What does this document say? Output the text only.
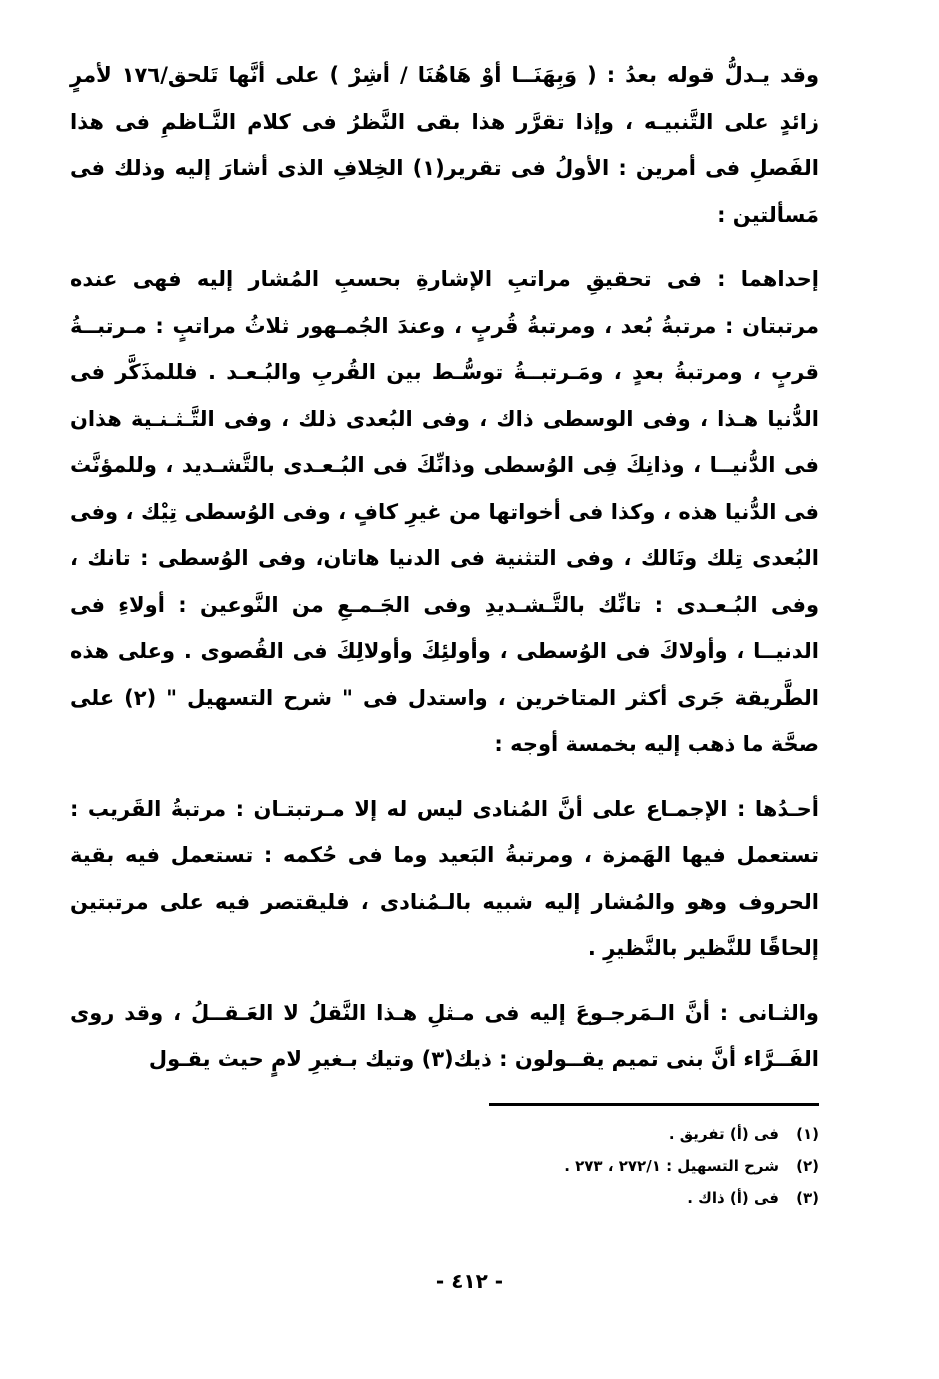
وقد يـدلُّ قوله بعدُ : ( وَبِهَنَــا أوْ هَاهُنَا / أشِرْ ) على أنَّها تَلحق/١٧٦ لأمرٍ زائدٍ على التَّنبيـه ، وإذا تقرَّر هذا بقى النَّظرُ فى كلام النَّـاظمِ فى هذا الفَصلِ فى أمرين : الأولُ فى تقرير(١) الخِلافِ الذى أشارَ إليه وذلك فى مَسألتين :

إحداهما : فى تحقيقِ مراتبِ الإشارةِ بحسبِ المُشار إليه فهى عنده مرتبتان : مرتبةُ بُعد ، ومرتبةُ قُربٍ ، وعندَ الجُمـهور ثلاثُ مراتبٍ : مـرتبــةُ قربٍ ، ومرتبةُ بعدٍ ، ومَـرتبــةُ توسُّـط بين القُربِ والبُـعـد . فللمذَكَّر فى الدُّنيا هـذا ، وفى الوسطى ذاك ، وفى البُعدى ذلك ، وفى التَّـثـنـية هذان فى الدُّنيــا ، وذانِكَ فِى الوُسطى وذانِّكَ فى البُـعـدى بالتَّشـديد ، وللمؤنَّث فى الدُّنيا هذه ، وكذا فى أخواتها من غيرِ كافٍ ، وفى الوُسطى تِيْك ، وفى البُعدى تِلك وتَالك ، وفى التثنية فى الدنيا هاتان، وفى الوُسطى : تانك ، وفى البُـعـدى : تانِّك بالتَّـشـديدِ وفى الجَـمـعِ من النَّوعين : أولاءِ فى الدنيــا ، وأولاكَ فى الوُسطى ، وأولئِكَ وأولالِكَ فى القُصوى . وعلى هذه الطَّريقة جَرى أكثر المتاخرين ، واستدل فى " شرح التسهيل " (٢) على صحَّة ما ذهب إليه بخمسة أوجه :

أحـدُها : الإجمـاع على أنَّ المُنادى ليس له إلا مـرتبتـان : مرتبةُ القَريب : تستعمل فيها الهَمزة ، ومرتبةُ البَعيد وما فى حُكمه : تستعمل فيه بقية الحروف وهو والمُشار إليه شبيه بالـمُنادى ، فليقتصر فيه على مرتبتين إلحاقًا للنَّظير بالنَّظيرِ .

والثـانى : أنَّ الـمَرجـوعَ إليه فى مـثلِ هـذا النَّقلُ لا العَـقــلُ ، وقد روى الفَــرَّاء أنَّ بنى تميم يقــولون : ذيك(٣) وتيك بـغيرِ لامٍ حيث يقـول

(١)
فى (أ) تفريق .
(٢)
شرح التسهيل : ٢٧٢/١ ، ٢٧٣ .
(٣)
فى (أ) ذاك .
- ٤١٢ -
